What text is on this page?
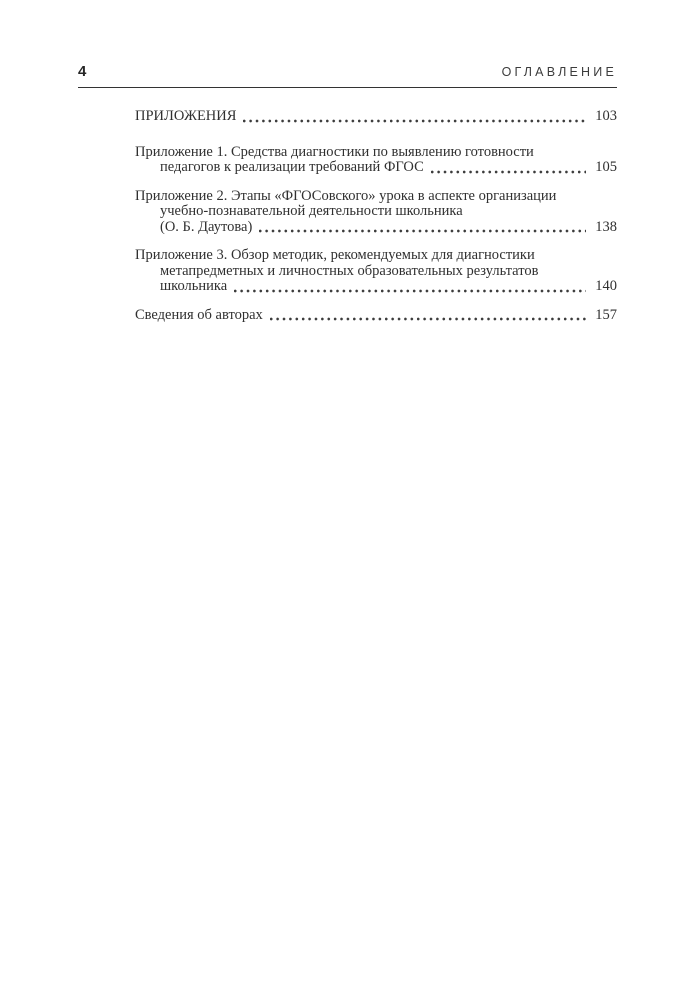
4	ОГЛАВЛЕНИЕ
ПРИЛОЖЕНИЯ	103
Приложение 1. Средства диагностики по выявлению готовности
педагогов к реализации требований ФГОС	105
Приложение 2. Этапы «ФГОСовского» урока в аспекте организации
учебно-познавательной деятельности школьника
(О. Б. Даутова)	138
Приложение 3. Обзор методик, рекомендуемых для диагностики
метапредметных и личностных образовательных результатов
школьника	140
Сведения об авторах	157
